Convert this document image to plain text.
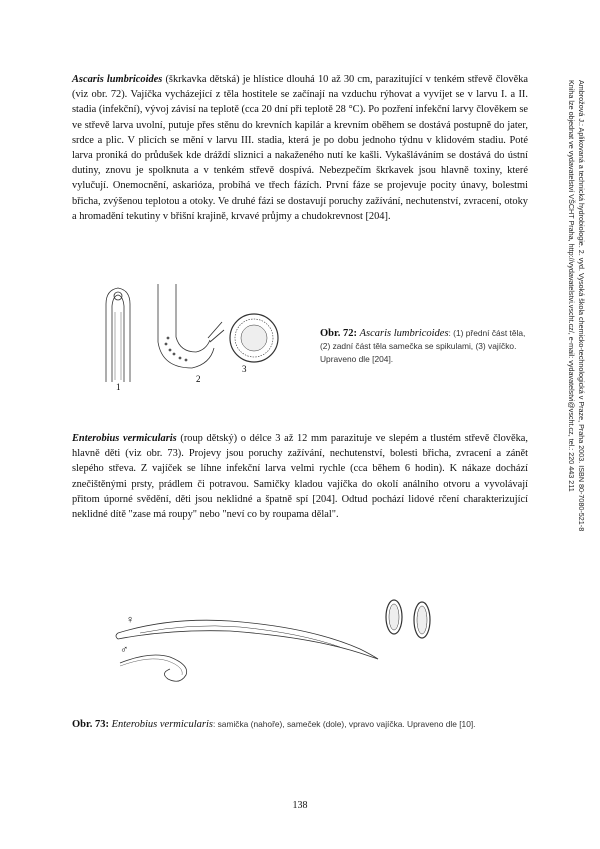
Ambrožová J.: Aplikovaná a technická hydrobiologie. 2. vyd. Vysoká škola chemicko-technologická v Praze, Praha 2003. ISBN 80-7080-521-8
Kniha lze objednat ve vydavatelství VŠCHT Praha, http://vydavatelstvi.vscht.cz/, e-mail: vydavatelstvi@vscht.cz, tel.: 220 443 211

Ascaris lumbricoides (škrkavka dětská) je hlístice dlouhá 10 až 30 cm, parazitující v tenkém střevě člověka (viz obr. 72). Vajíčka vycházející z těla hostitele se začínají na vzduchu rýhovat a vyvíjet se v larvu I. a II. stadia (infekční), vývoj závisí na teplotě (cca 20 dní při teplotě 28 °C). Po pozření infekční larvy člověkem se ve střevě larva uvolní, putuje přes stěnu do krevních kapilár a krevním oběhem se dostává postupně do jater, srdce a plic. V plicích se mění v larvu III. stadia, která je po dobu jednoho týdnu v klidovém stadiu. Poté larva proniká do průdušek kde dráždí sliznici a nakaženého nutí ke kašli. Vykašláváním se dostává do ústní dutiny, znovu je spolknuta a v tenkém střevě dospívá. Nebezpečím škrkavek jsou hlavně toxiny, které vylučují. Onemocnění, askarióza, probíhá ve třech fázích. První fáze se projevuje pocity únavy, bolestmi břicha, zvýšenou teplotou a otoky. Ve druhé fázi se dostavují poruchy zažívání, nechutenství, zvracení, otoky a hromadění tekutiny v břišní krajině, krvavé průjmy a chudokrevnost [204].

1
2
3
Obr. 72: Ascaris lumbricoides: (1) přední část těla, (2) zadní část těla samečka se spikulami, (3) vajíčko. Upraveno dle [204].

Enterobius vermicularis (roup dětský) o délce 3 až 12 mm parazituje ve slepém a tlustém střevě člověka, hlavně děti (viz obr. 73). Projevy jsou poruchy zažívání, nechutenství, bolesti břicha, zvracení a zánět slepého střeva. Z vajíček se líhne infekční larva velmi rychle (cca během 6 hodin). K nákaze dochází znečištěnými prsty, prádlem či potravou. Samičky kladou vajíčka do okolí análního otvoru a vyvolávají přitom úporné svědění, děti jsou neklidné a špatně spí [204]. Odtud pochází lidové rčení charakterizující neklidné dítě "zase má roupy" nebo "neví co by roupama dělal".

♀
♂
Obr. 73: Enterobius vermicularis: samička (nahoře), sameček (dole), vpravo vajíčka. Upraveno dle [10].
138
